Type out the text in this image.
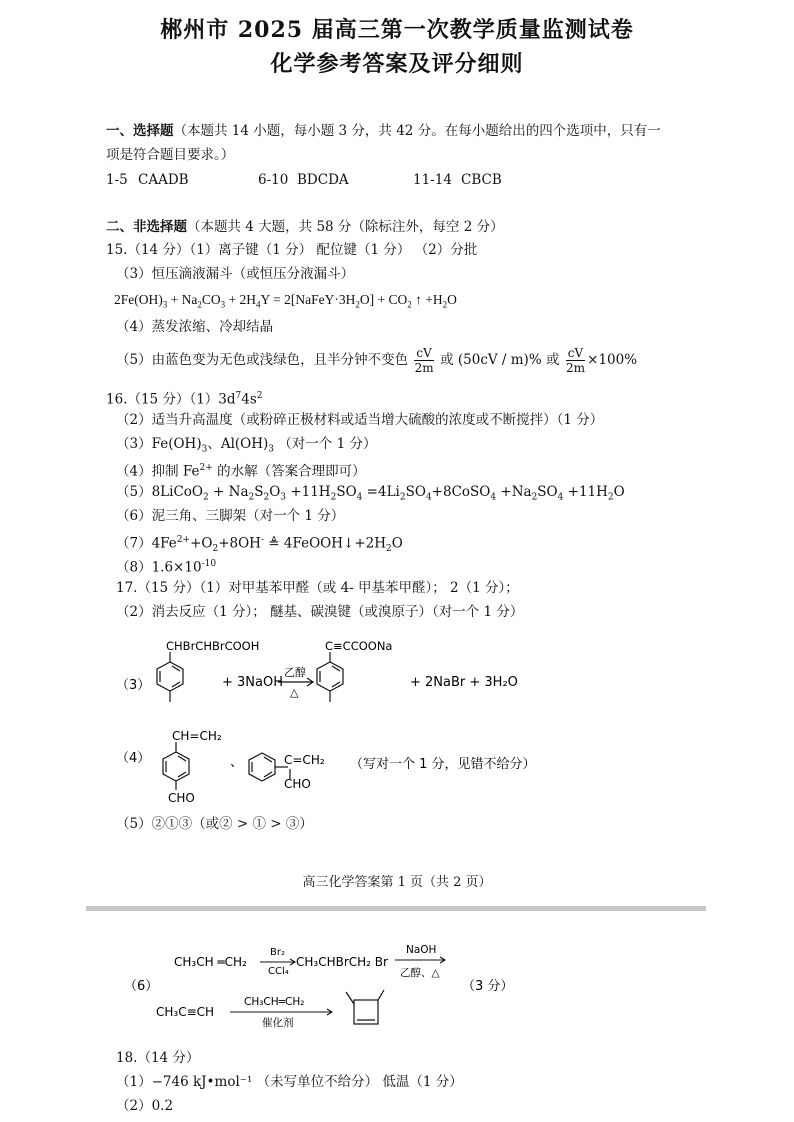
郴州市 2025 届高三第一次教学质量监测试卷
化学参考答案及评分细则
一、选择题（本题共 14 小题，每小题 3 分，共 42 分。在每小题给出的四个选项中，只有一
项是符合题目要求。）
1-5 CAADB	6-10 BDCDA	11-14 CBCB
二、非选择题（本题共 4 大题，共 58 分（除标注外，每空 2 分）
15.（14 分）（1）离子键（1 分） 配位键（1 分） （2）分批
（3）恒压滴液漏斗（或恒压分液漏斗）
$2Fe(OH)_3 + Na_2CO_3 + 2H_4Y$ = $2[NaFeY\cdot 3H_2O] + CO_2$ ↑ $+H_2O$
（4）蒸发浓缩、冷却结晶
（5）由蓝色变为无色或浅绿色，且半分钟不变色 $\frac{cV}{2m}$ 或 (50cV / m)% 或 $\frac{cV}{2m} \times 100\%$
16.（15 分）$(1)3d^74s^2$
（2）适当升高温度（或粉碎正极材料或适当增大硫酸的浓度或不断搅拌）（1 分）
$(3)Fe(OH)_3$、$Al(OH)_3$ （对一个 1 分）
（4）抑制 $Fe^{2+}$ 的水解（答案合理即可）
（5）8LiCoO$_2$ + $Na_2S_2O_3 +11H_2SO_4$ $=4Li_2SO_4+8CoSO_4 +Na_2SO_4 +11H_2O$
（6）泥三角、三脚架（对一个 1 分）
$(7)4Fe^{2+}+O_2+8OH^-$ ≜ $4FeOOH↓+2H_2O$
$(8)1.6\times 10^{-10}$
17.（15 分）（1）对甲基苯甲醛（或 4- 甲基苯甲醛）； 2（1 分）；
（2）消去反应（1 分）； 醚基、碳溴键（或溴原子）（对一个 1 分）
（3）
CHBrCHBrCOOH
+ 3NaOH
乙醇
△
C≡CCOONa
+ 2NaBr + 3H₂O
（4）
CH=CH₂
CHO
、	C=CH₂
CHO
（写对一个 1 分，见错不给分）
（5）②①③（或② > ① > ③）
高三化学答案第 1 页（共 2 页）
（6）
CH₃CH ═CH₂
Br₂
CCl₄
CH₃CHBrCH₂ Br
NaOH
乙醇、△
CH₃C≡CH
CH₃CH═CH₂
催化剂
（3 分）
18.（14 分）
（1）−746 kJ•mol⁻¹ （未写单位不给分） 低温（1 分）
（2）0.2
